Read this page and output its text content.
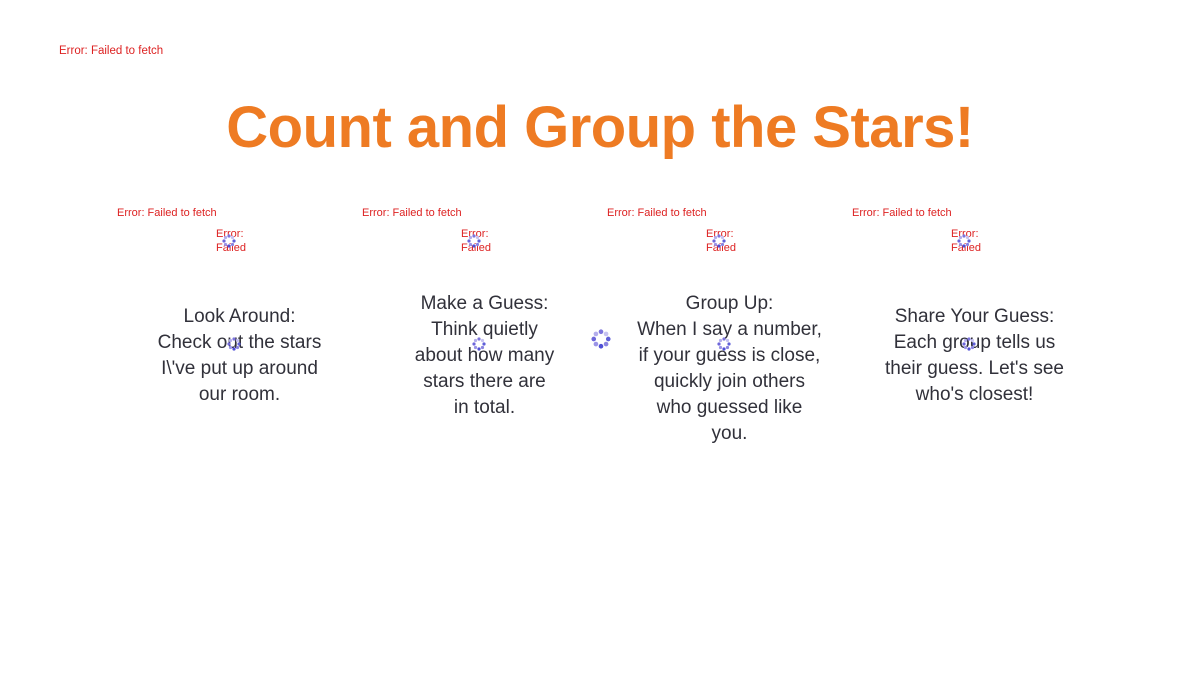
Error: Failed to fetch
Count and Group the Stars!
Error: Failed to fetch
Error:
Failed
Look Around:
Check out the stars
I\'ve put up around
our room.
Error: Failed to fetch
Error:
Failed
Make a Guess:
Think quietly
about how many
stars there are
in total.
Error: Failed to fetch
Error:
Failed
Group Up:
When I say a number,
if your guess is close,
quickly join others
who guessed like
you.
Error: Failed to fetch
Error:
Failed
Share Your Guess:
Each group tells us
their guess. Let's see
who's closest!
